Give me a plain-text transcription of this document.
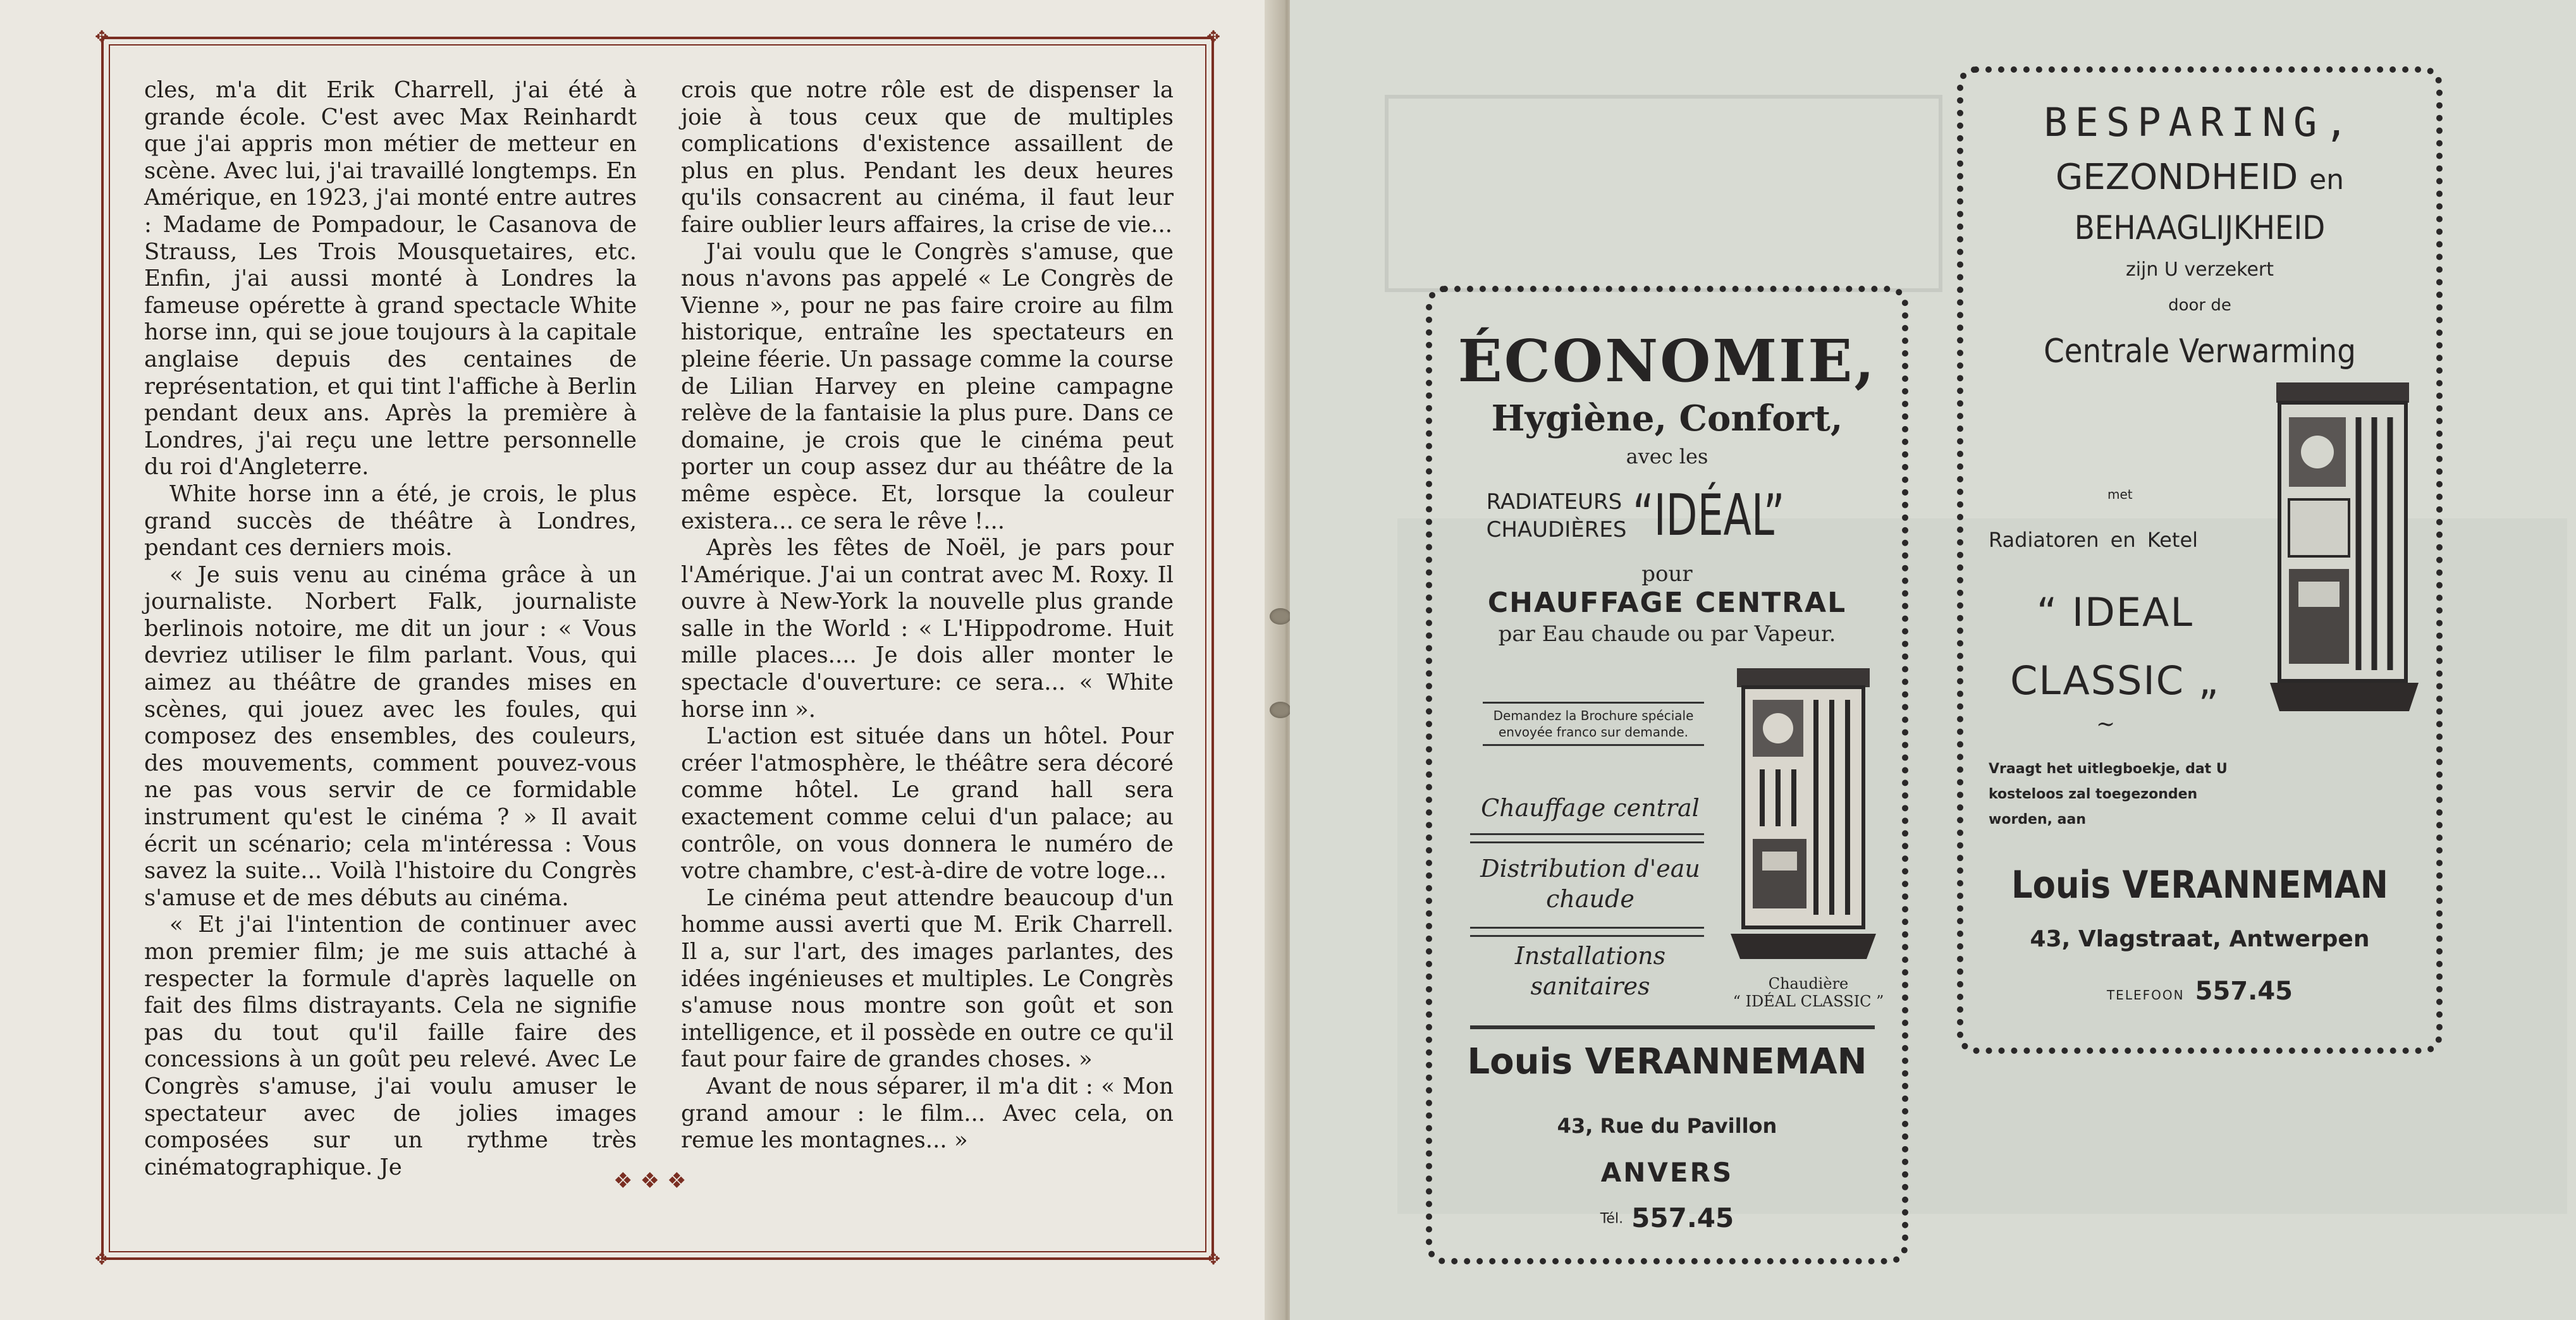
✥	✥
✥	✥

cles, m'a dit Erik Charrell, j'ai été à grande école. C'est avec Max Reinhardt que j'ai appris mon métier de metteur en scène. Avec lui, j'ai travaillé longtemps. En Amérique, en 1923, j'ai monté entre autres : Madame de Pompadour, le Casanova de Strauss, Les Trois Mousquetaires, etc. Enfin, j'ai aussi monté à Londres la fameuse opérette à grand spectacle White horse inn, qui se joue toujours à la capitale anglaise depuis des centaines de représentation, et qui tint l'affiche à Berlin pendant deux ans. Après la première à Londres, j'ai reçu une lettre personnelle du roi d'Angleterre.

White horse inn a été, je crois, le plus grand succès de théâtre à Londres, pendant ces derniers mois.

« Je suis venu au cinéma grâce à un journaliste. Norbert Falk, journaliste berlinois notoire, me dit un jour : « Vous devriez utiliser le film parlant. Vous, qui aimez au théâtre de grandes mises en scènes, qui jouez avec les foules, qui composez des ensembles, des couleurs, des mouvements, comment pouvez-vous ne pas vous servir de ce formidable instrument qu'est le cinéma ? » Il avait écrit un scénario; cela m'intéressa : Vous savez la suite... Voilà l'histoire du Congrès s'amuse et de mes débuts au cinéma.

« Et j'ai l'intention de continuer avec mon premier film; je me suis attaché à respecter la formule d'après laquelle on fait des films distrayants. Cela ne signifie pas du tout qu'il faille faire des concessions à un goût peu relevé. Avec Le Congrès s'amuse, j'ai voulu amuser le spectateur avec de jolies images composées sur un rythme très cinématographique. Je

crois que notre rôle est de dispenser la joie à tous ceux que de multiples complications d'existence assaillent de plus en plus. Pendant les deux heures qu'ils consacrent au cinéma, il faut leur faire oublier leurs affaires, la crise de vie...

J'ai voulu que le Congrès s'amuse, que nous n'avons pas appelé « Le Congrès de Vienne », pour ne pas faire croire au film historique, entraîne les spectateurs en pleine féerie. Un passage comme la course de Lilian Harvey en pleine campagne relève de la fantaisie la plus pure. Dans ce domaine, je crois que le cinéma peut porter un coup assez dur au théâtre de la même espèce. Et, lorsque la couleur existera... ce sera le rêve !...

Après les fêtes de Noël, je pars pour l'Amérique. J'ai un contrat avec M. Roxy. Il ouvre à New-York la nouvelle plus grande salle in the World : « L'Hippodrome. Huit mille places.... Je dois aller monter le spectacle d'ouverture: ce sera... « White horse inn ».

L'action est située dans un hôtel. Pour créer l'atmosphère, le théâtre sera décoré comme hôtel. Le grand hall sera exactement comme celui d'un palace; au contrôle, on vous donnera le numéro de votre chambre, c'est-à-dire de votre loge...

Le cinéma peut attendre beaucoup d'un homme aussi averti que M. Erik Charrell. Il a, sur l'art, des images parlantes, des idées ingénieuses et multiples. Le Congrès s'amuse nous montre son goût et son intelligence, et il possède en outre ce qu'il faut pour faire de grandes choses. »

Avant de nous séparer, il m'a dit : « Mon grand amour : le film... Avec cela, on remue les montagnes... »

❖❖❖
ÉCONOMIE,
Hygiène, Confort,
avec les
RADIATEURS
CHAUDIÈRES “IDÉAL”
pour
CHAUFFAGE CENTRAL
par Eau chaude ou par Vapeur.
Demandez la Brochure spéciale envoyée franco sur demande.
Chauffage central
Distribution d'eau chaude
Installations sanitaires	Chaudière
“ IDÉAL CLASSIC ”
Louis VERANNEMAN
43, Rue du Pavillon
ANVERS
Tél. 557.45
BESPARING,
GEZONDHEID en
BEHAAGLIJKHEID
zijn U verzekert
door de
Centrale Verwarming
met
Radiatoren en Ketel
“ IDEAL
CLASSIC „
~
Vraagt het uitlegboekje, dat U kosteloos zal toegezonden worden, aan
Louis VERANNEMAN
43, Vlagstraat, Antwerpen
TELEFOON 557.45
